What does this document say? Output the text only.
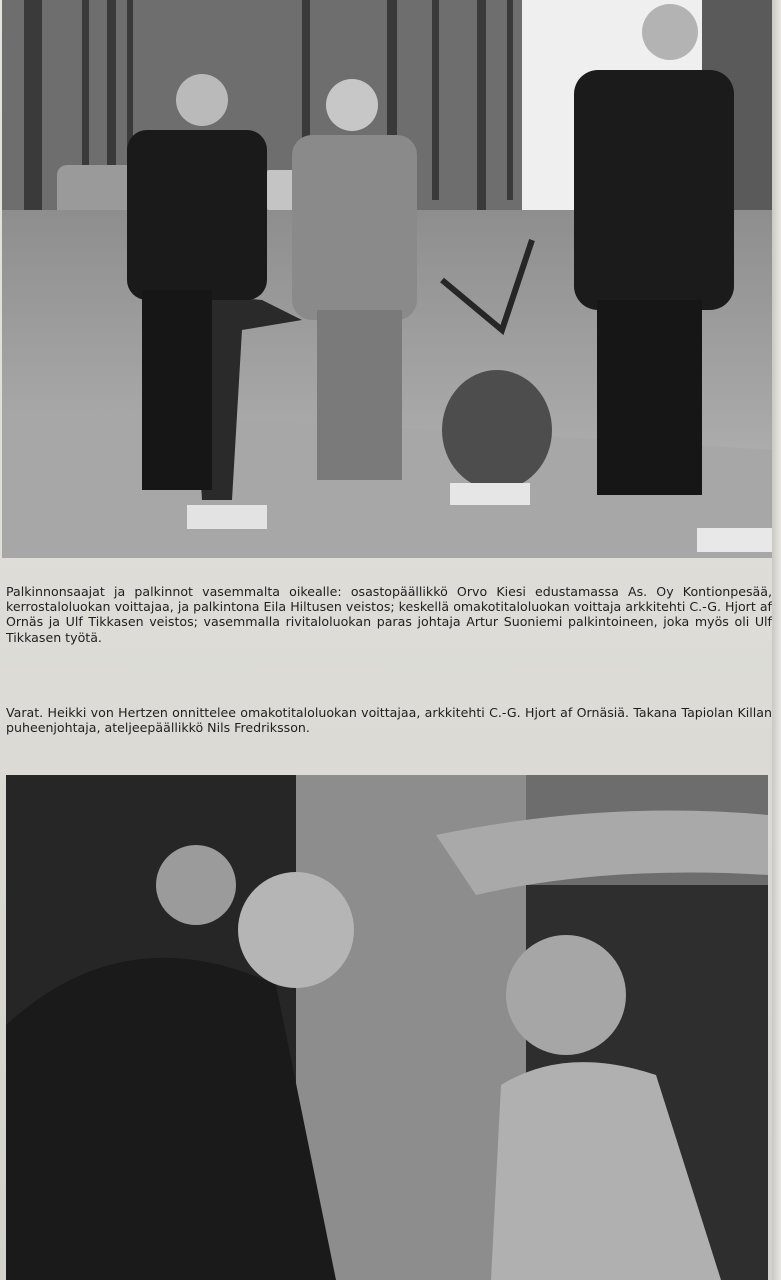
Palkinnonsaajat ja palkinnot vasemmalta oikealle: osastopäällikkö Orvo Kiesi edustamassa As. Oy Kontionpesää, kerrostaloluokan voittajaa, ja palkintona Eila Hiltusen veistos; keskellä omakotitaloluokan voittaja arkkitehti C.-G. Hjort af Ornäs ja Ulf Tikkasen veistos; vasemmalla rivitaloluokan paras johtaja Artur Suoniemi palkintoineen, joka myös oli Ulf Tikkasen työtä.

Varat. Heikki von Hertzen onnittelee omakotitaloluokan voittajaa, arkkitehti C.-G. Hjort af Ornäsiä. Takana Tapiolan Killan puheenjohtaja, ateljeepäällikkö Nils Fredriksson.
